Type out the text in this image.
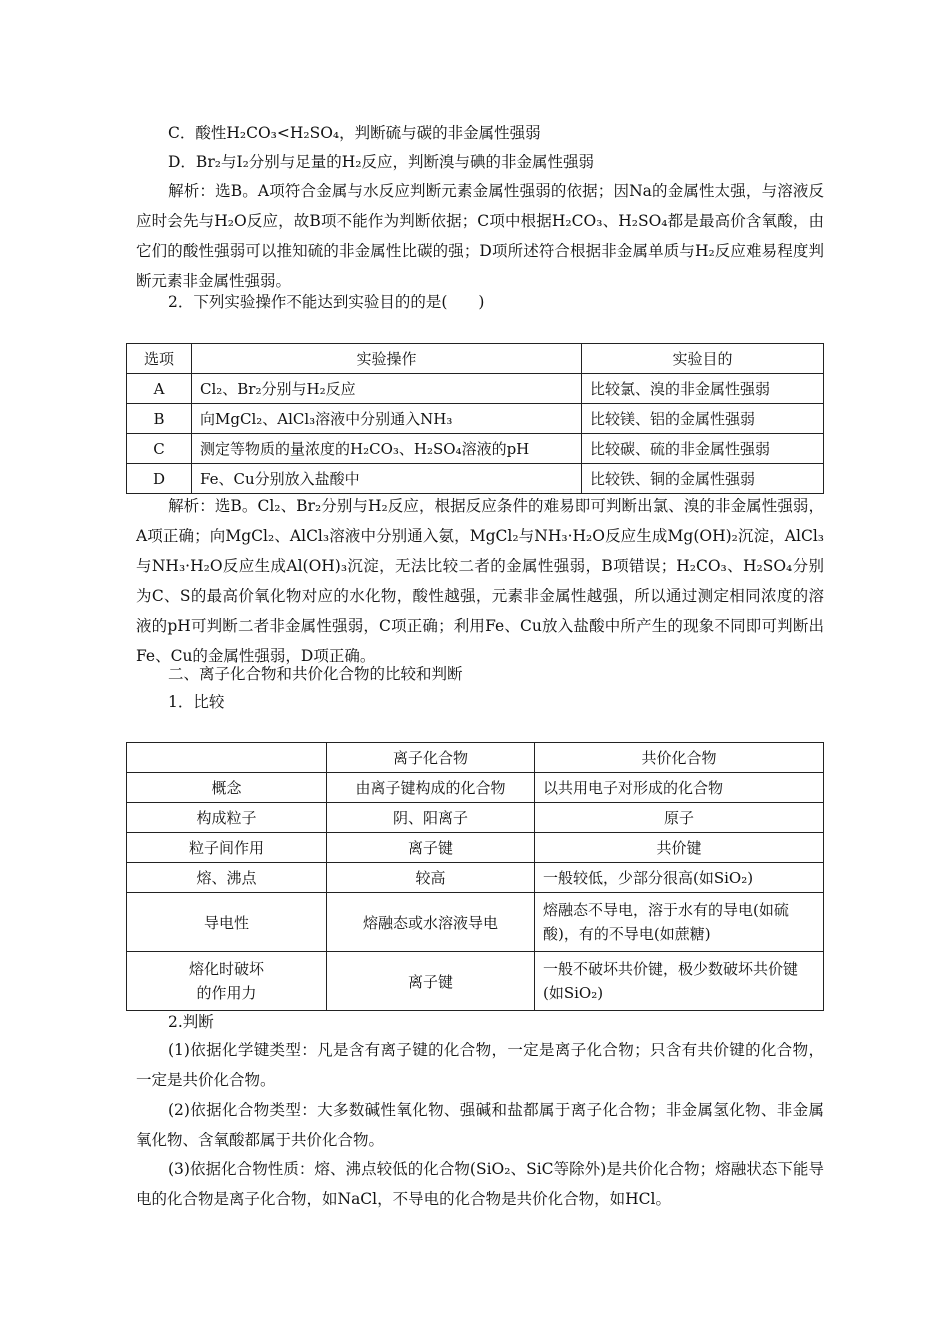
C．酸性H₂CO₃<H₂SO₄，判断硫与碳的非金属性强弱
D．Br₂与I₂分别与足量的H₂反应，判断溴与碘的非金属性强弱
解析：选B。A项符合金属与水反应判断元素金属性强弱的依据；因Na的金属性太强，与溶液反应时会先与H₂O反应，故B项不能作为判断依据；C项中根据H₂CO₃、H₂SO₄都是最高价含氧酸，由它们的酸性强弱可以推知硫的非金属性比碳的强；D项所述符合根据非金属单质与H₂反应难易程度判断元素非金属性强弱。
2．下列实验操作不能达到实验目的的是(　　)
选项	实验操作	实验目的
A	Cl₂、Br₂分别与H₂反应	比较氯、溴的非金属性强弱
B	向MgCl₂、AlCl₃溶液中分别通入NH₃	比较镁、铝的金属性强弱
C	测定等物质的量浓度的H₂CO₃、H₂SO₄溶液的pH	比较碳、硫的非金属性强弱
D	Fe、Cu分别放入盐酸中	比较铁、铜的金属性强弱
解析：选B。Cl₂、Br₂分别与H₂反应，根据反应条件的难易即可判断出氯、溴的非金属性强弱，A项正确；向MgCl₂、AlCl₃溶液中分别通入氨，MgCl₂与NH₃·H₂O反应生成Mg(OH)₂沉淀，AlCl₃与NH₃·H₂O反应生成Al(OH)₃沉淀，无法比较二者的金属性强弱，B项错误；H₂CO₃、H₂SO₄分别为C、S的最高价氧化物对应的水化物，酸性越强，元素非金属性越强，所以通过测定相同浓度的溶液的pH可判断二者非金属性强弱，C项正确；利用Fe、Cu放入盐酸中所产生的现象不同即可判断出Fe、Cu的金属性强弱，D项正确。
二、离子化合物和共价化合物的比较和判断
1．比较
	离子化合物	共价化合物
概念	由离子键构成的化合物	以共用电子对形成的化合物
构成粒子	阴、阳离子	原子
粒子间作用	离子键	共价键
熔、沸点	较高	一般较低，少部分很高(如SiO₂)
导电性	熔融态或水溶液导电	熔融态不导电，溶于水有的导电(如硫酸)，有的不导电(如蔗糖)
熔化时破坏的作用力	离子键	一般不破坏共价键，极少数破坏共价键(如SiO₂)
2.判断
(1)依据化学键类型：凡是含有离子键的化合物，一定是离子化合物；只含有共价键的化合物，一定是共价化合物。
(2)依据化合物类型：大多数碱性氧化物、强碱和盐都属于离子化合物；非金属氢化物、非金属氧化物、含氧酸都属于共价化合物。
(3)依据化合物性质：熔、沸点较低的化合物(SiO₂、SiC等除外)是共价化合物；熔融状态下能导电的化合物是离子化合物，如NaCl，不导电的化合物是共价化合物，如HCl。
